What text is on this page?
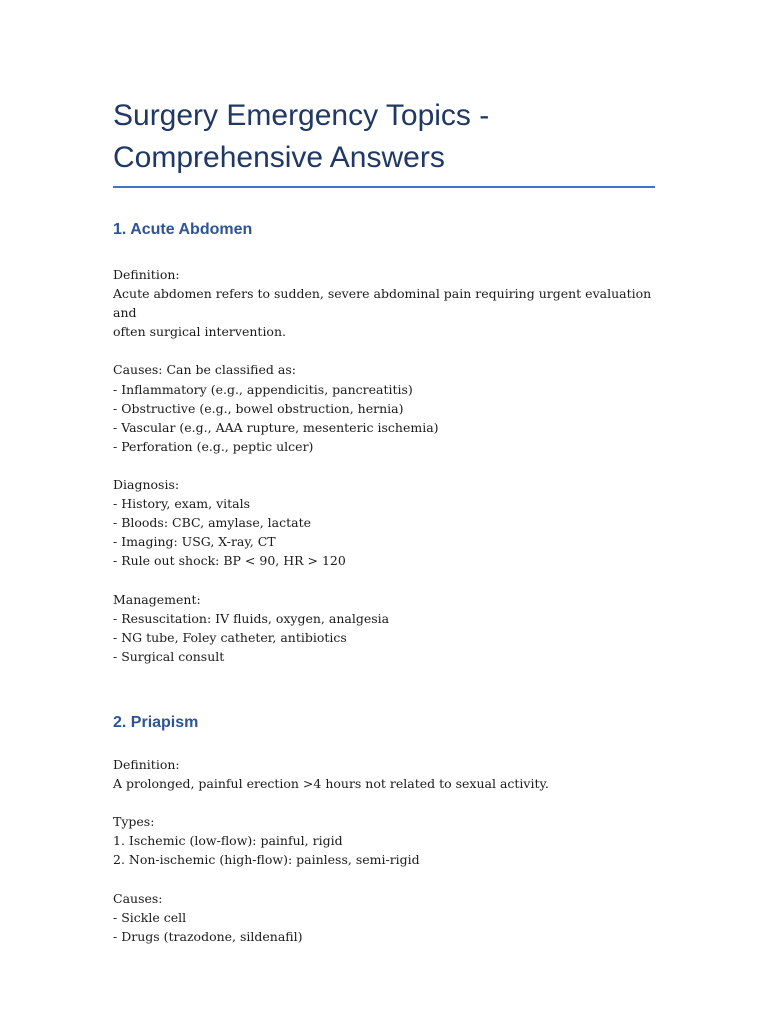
Surgery Emergency Topics -
Comprehensive Answers
1. Acute Abdomen
Definition:
Acute abdomen refers to sudden, severe abdominal pain requiring urgent evaluation and
often surgical intervention.
Causes: Can be classified as:
- Inflammatory (e.g., appendicitis, pancreatitis)
- Obstructive (e.g., bowel obstruction, hernia)
- Vascular (e.g., AAA rupture, mesenteric ischemia)
- Perforation (e.g., peptic ulcer)
Diagnosis:
- History, exam, vitals
- Bloods: CBC, amylase, lactate
- Imaging: USG, X-ray, CT
- Rule out shock: BP < 90, HR > 120
Management:
- Resuscitation: IV fluids, oxygen, analgesia
- NG tube, Foley catheter, antibiotics
- Surgical consult
2. Priapism
Definition:
A prolonged, painful erection >4 hours not related to sexual activity.
Types:
1. Ischemic (low-flow): painful, rigid
2. Non-ischemic (high-flow): painless, semi-rigid
Causes:
- Sickle cell
- Drugs (trazodone, sildenafil)
